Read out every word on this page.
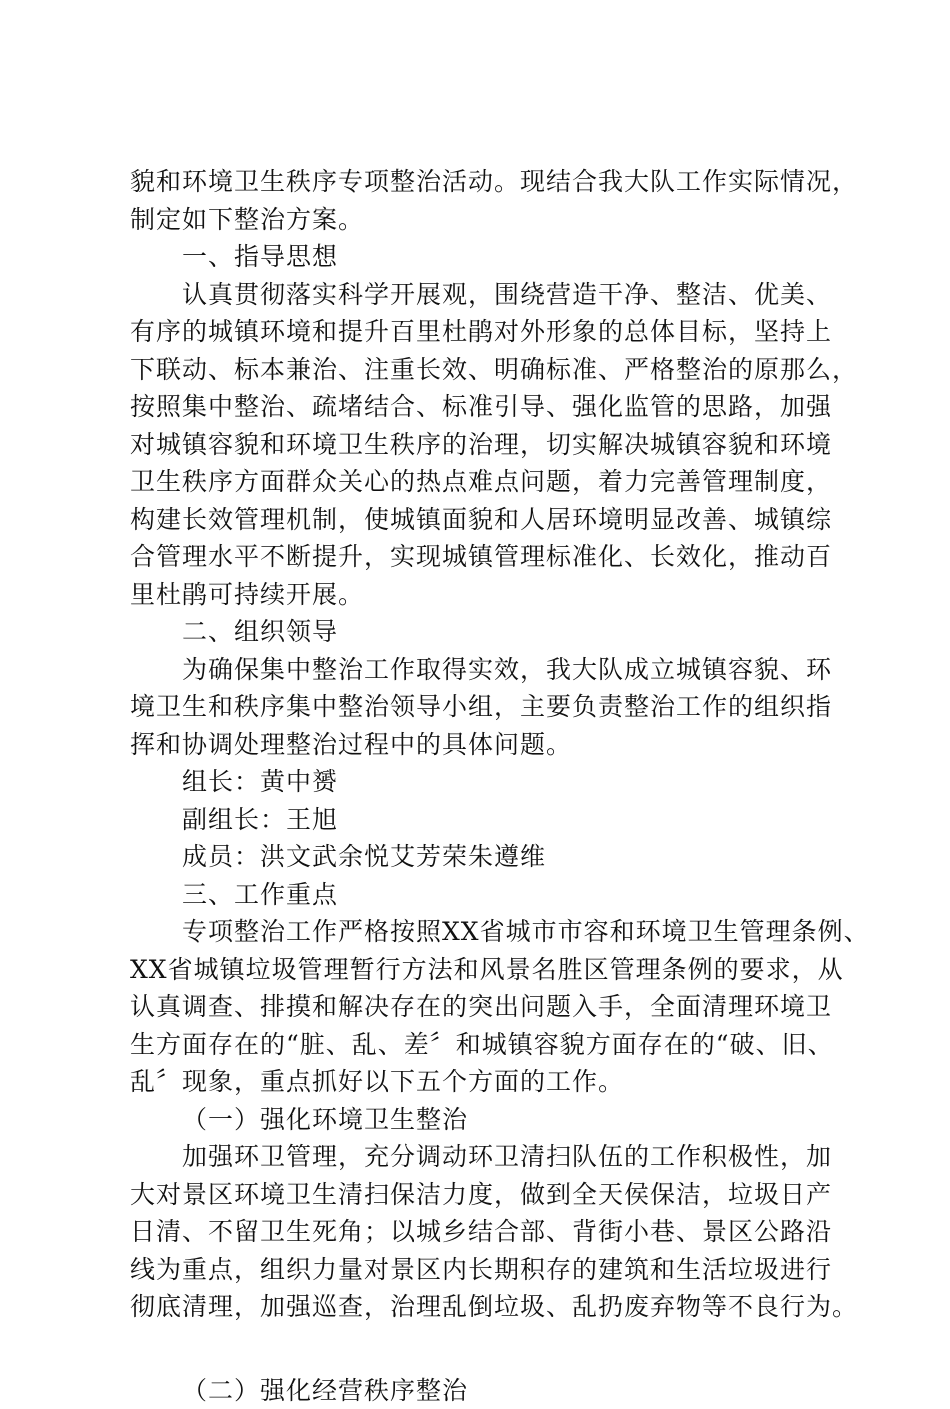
貌和环境卫生秩序专项整治活动。现结合我大队工作实际情况，
制定如下整治方案。
一、指导思想
认真贯彻落实科学开展观，围绕营造干净、整洁、优美、
有序的城镇环境和提升百里杜鹃对外形象的总体目标，坚持上
下联动、标本兼治、注重长效、明确标准、严格整治的原那么，
按照集中整治、疏堵结合、标准引导、强化监管的思路，加强
对城镇容貌和环境卫生秩序的治理，切实解决城镇容貌和环境
卫生秩序方面群众关心的热点难点问题，着力完善管理制度，
构建长效管理机制，使城镇面貌和人居环境明显改善、城镇综
合管理水平不断提升，实现城镇管理标准化、长效化，推动百
里杜鹃可持续开展。
二、组织领导
为确保集中整治工作取得实效，我大队成立城镇容貌、环
境卫生和秩序集中整治领导小组，主要负责整治工作的组织指
挥和协调处理整治过程中的具体问题。
组长：黄中赟
副组长：王旭
成员：洪文武余悦艾芳荣朱遵维
三、工作重点
专项整治工作严格按照XX省城市市容和环境卫生管理条例、
XX省城镇垃圾管理暂行方法和风景名胜区管理条例的要求，从
认真调查、排摸和解决存在的突出问题入手，全面清理环境卫
生方面存在的“脏、乱、差〞和城镇容貌方面存在的“破、旧、
乱〞现象，重点抓好以下五个方面的工作。
（一）强化环境卫生整治
加强环卫管理，充分调动环卫清扫队伍的工作积极性，加
大对景区环境卫生清扫保洁力度，做到全天侯保洁，垃圾日产
日清、不留卫生死角；以城乡结合部、背街小巷、景区公路沿
线为重点，组织力量对景区内长期积存的建筑和生活垃圾进行
彻底清理，加强巡查，治理乱倒垃圾、乱扔废弃物等不良行为。
（二）强化经营秩序整治
